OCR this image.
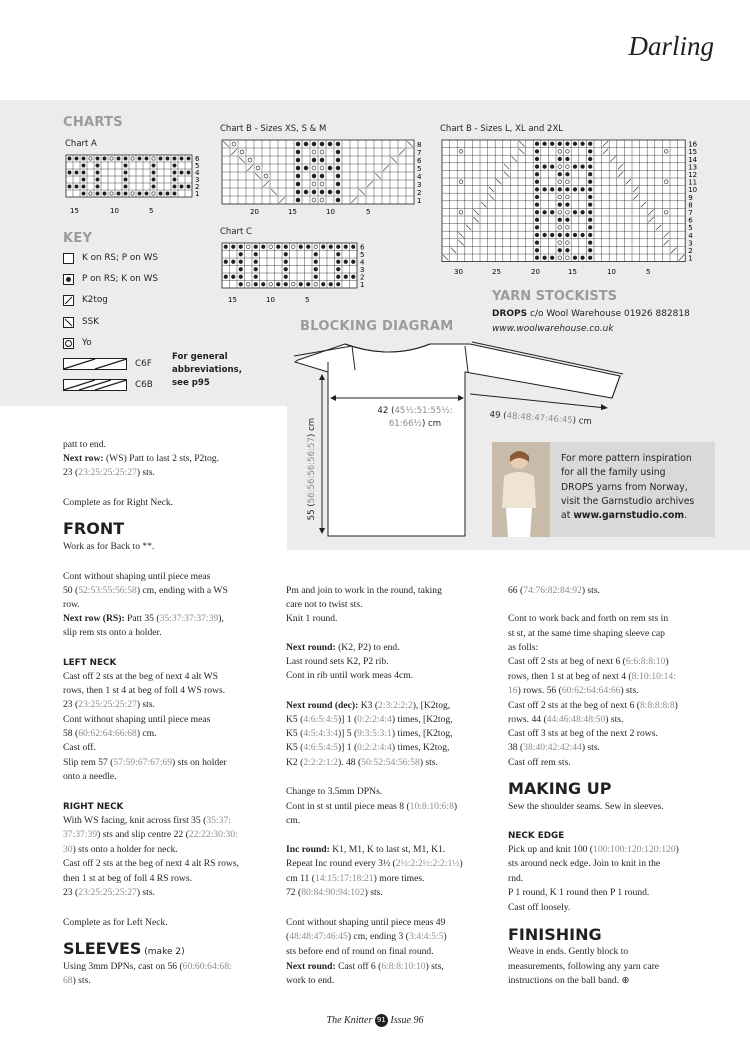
Darling
CHARTS
Chart A
6
5
4
3
2
1
15	10	5
Chart B - Sizes XS, S & M
8
7
6
5
4
3
2
1
20	15	10	5
Chart B - Sizes L, XL and 2XL
16
15
14
13
12
11
10
9
8
7
6
5
4
3
2
1
30	25	20	15	10	5
Chart C
6
5
4
3
2
1
15	10	5
KEY
K on RS; P on WS
P on RS; K on WS
K2tog
SSK
Yo
C6F
C6B
For general
abbreviations,
see p95
YARN STOCKISTS
DROPS c/o Wool Warehouse 01926 882818
www.woolwarehouse.co.uk
BLOCKING DIAGRAM
42 (45½:51:55½:
61:66½) cm
49 (48:48:47:46:45) cm
55 (56:56:56:56:57) cm
For more pattern inspiration
for all the family using
DROPS yarns from Norway,
visit the Garnstudio archives
at www.garnstudio.com.
patt to end.
Next row: (WS) Patt to last 2 sts, P2tog.
23 (23:25:25:25:27) sts.
Complete as for Right Neck.
FRONT
Work as for Back to **.
Cont without shaping until piece meas
50 (52:53:55:56:58) cm, ending with a WS
row.
Next row (RS): Patt 35 (35:37:37:37:39),
slip rem sts onto a holder.
LEFT NECK
Cast off 2 sts at the beg of next 4 alt WS
rows, then 1 st 4 at beg of foll 4 WS rows.
23 (23:25:25:25:27) sts.
Cont without shaping until piece meas
58 (60:62:64:66:68) cm.
Cast off.
Slip rem 57 (57:59:67:67:69) sts on holder
onto a needle.
RIGHT NECK
With WS facing, knit across first 35 (35:37:
37:37:39) sts and slip centre 22 (22:22:30:30:
30) sts onto a holder for neck.
Cast off 2 sts at the beg of next 4 alt RS rows,
then 1 st at beg of foll 4 RS rows.
23 (23:25:25:25:27) sts.
Complete as for Left Neck.
SLEEVES (make 2)
Using 3mm DPNs, cast on 56 (60:60:64:68:
68) sts.
Pm and join to work in the round, taking
care not to twist sts.
Knit 1 round.
Next round: (K2, P2) to end.
Last round sets K2, P2 rib.
Cont in rib until work meas 4cm.
Next round (dec): K3 (2:3:2:2:2), [K2tog,
K5 (4:6:5:4:5)] 1 (0:2:2:4:4) times, [K2tog,
K5 (4:5:4:3:4)] 5 (9:3:5:3:1) times, [K2tog,
K5 (4:6:5:4:5)] 1 (0:2:2:4:4) times, K2tog,
K2 (2:2:2:1:2). 48 (50:52:54:56:58) sts.
Change to 3.5mm DPNs.
Cont in st st until piece meas 8 (10:8:10:6:8)
cm.
Inc round: K1, M1, K to last st, M1, K1.
Repeat Inc round every 3½ (2½:2:2½:2:2:1½)
cm 11 (14:15:17:18:21) more times.
72 (80:84:90:94:102) sts.
Cont without shaping until piece meas 49
(48:48:47:46:45) cm, ending 3 (3:4:4:5:5)
sts before end of round on final round.
Next round: Cast off 6 (6:8:8:10:10) sts,
work to end.
66 (74:76:82:84:92) sts.
Cont to work back and forth on rem sts in
st st, at the same time shaping sleeve cap
as folls:
Cast off 2 sts at beg of next 6 (6:6:8:8:10)
rows, then 1 st at beg of next 4 (8:10:10:14:
16) rows. 56 (60:62:64:64:66) sts.
Cast off 2 sts at the beg of next 6 (8:8:8:8:8)
rows. 44 (44:46:48:48:50) sts.
Cast off 3 sts at beg of the next 2 rows.
38 (38:40:42:42:44) sts.
Cast off rem sts.
MAKING UP
Sew the shoulder seams. Sew in sleeves.
NECK EDGE
Pick up and knit 100 (100:100:120:120:120)
sts around neck edge. Join to knit in the
rnd.
P 1 round, K 1 round then P 1 round.
Cast off loosely.
FINISHING
Weave in ends. Gently block to
measurements, following any yarn care
instructions on the ball band. ⊕
The Knitter 91 Issue 96
